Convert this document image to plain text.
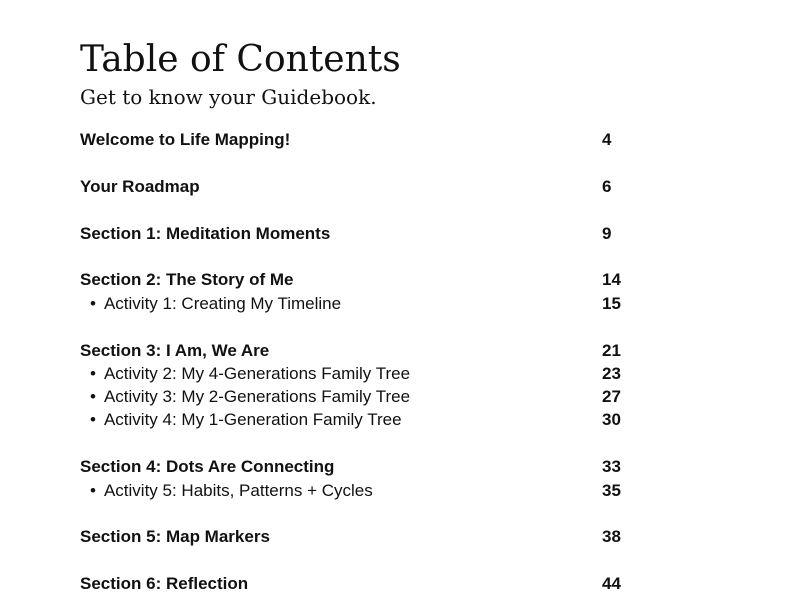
Table of Contents

Get to know your Guidebook.

Welcome to Life Mapping!	4
Your Roadmap	6
Section 1: Meditation Moments	9
Section 2: The Story of Me	14
• Activity 1: Creating My Timeline	15
Section 3: I Am, We Are	21
• Activity 2: My 4-Generations Family Tree	23
• Activity 3: My 2-Generations Family Tree	27
• Activity 4: My 1-Generation Family Tree	30
Section 4: Dots Are Connecting	33
• Activity 5: Habits, Patterns + Cycles	35
Section 5: Map Markers	38
Section 6: Reflection	44
